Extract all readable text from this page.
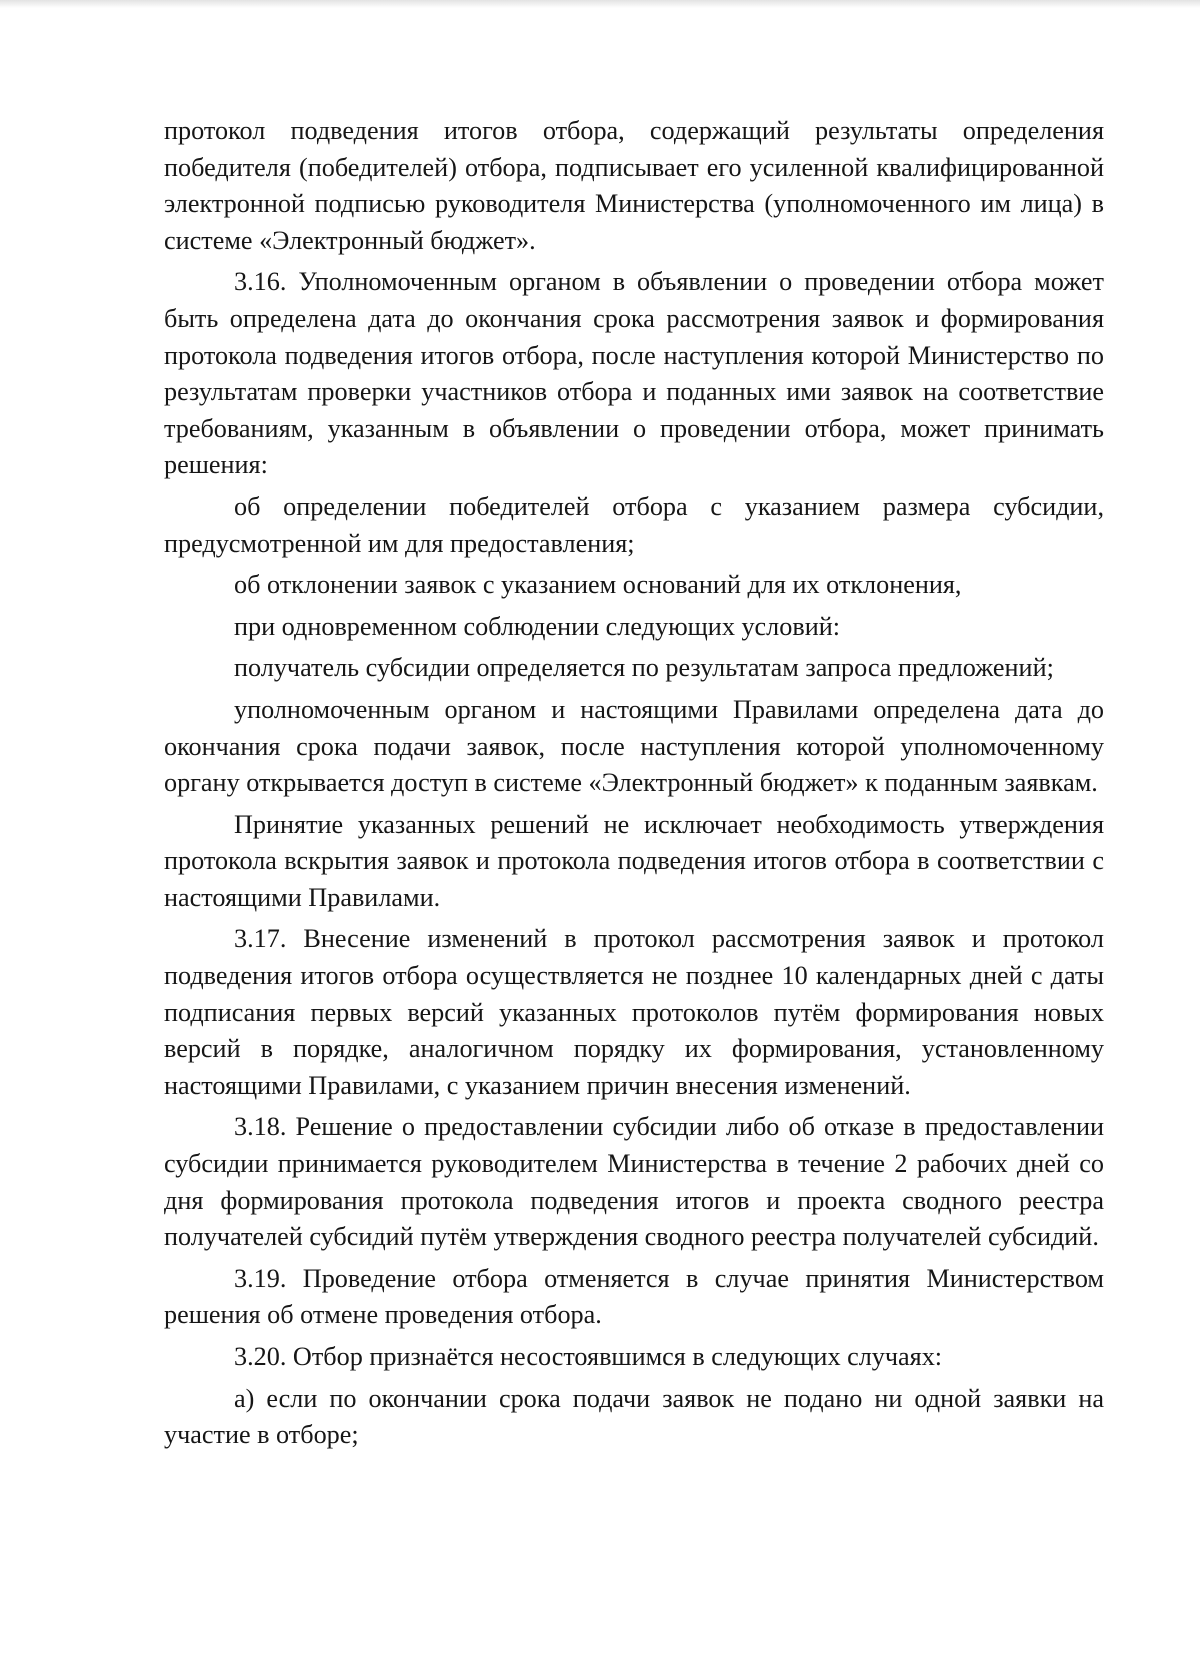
протокол подведения итогов отбора, содержащий результаты определения победителя (победителей) отбора, подписывает его усиленной квалифицированной электронной подписью руководителя Министерства (уполномоченного им лица) в системе «Электронный бюджет».

3.16. Уполномоченным органом в объявлении о проведении отбора может быть определена дата до окончания срока рассмотрения заявок и формирования протокола подведения итогов отбора, после наступления которой Министерство по результатам проверки участников отбора и поданных ими заявок на соответствие требованиям, указанным в объявлении о проведении отбора, может принимать решения:

об определении победителей отбора с указанием размера субсидии, предусмотренной им для предоставления;

об отклонении заявок с указанием оснований для их отклонения,

при одновременном соблюдении следующих условий:

получатель субсидии определяется по результатам запроса предложений;

уполномоченным органом и настоящими Правилами определена дата до окончания срока подачи заявок, после наступления которой уполномоченному органу открывается доступ в системе «Электронный бюджет» к поданным заявкам.

Принятие указанных решений не исключает необходимость утверждения протокола вскрытия заявок и протокола подведения итогов отбора в соответствии с настоящими Правилами.

3.17. Внесение изменений в протокол рассмотрения заявок и протокол подведения итогов отбора осуществляется не позднее 10 календарных дней с даты подписания первых версий указанных протоколов путём формирования новых версий в порядке, аналогичном порядку их формирования, установленному настоящими Правилами, с указанием причин внесения изменений.

3.18. Решение о предоставлении субсидии либо об отказе в предоставлении субсидии принимается руководителем Министерства в течение 2 рабочих дней со дня формирования протокола подведения итогов и проекта сводного реестра получателей субсидий путём утверждения сводного реестра получателей субсидий.

3.19. Проведение отбора отменяется в случае принятия Министерством решения об отмене проведения отбора.

3.20. Отбор признаётся несостоявшимся в следующих случаях:

а) если по окончании срока подачи заявок не подано ни одной заявки на участие в отборе;
